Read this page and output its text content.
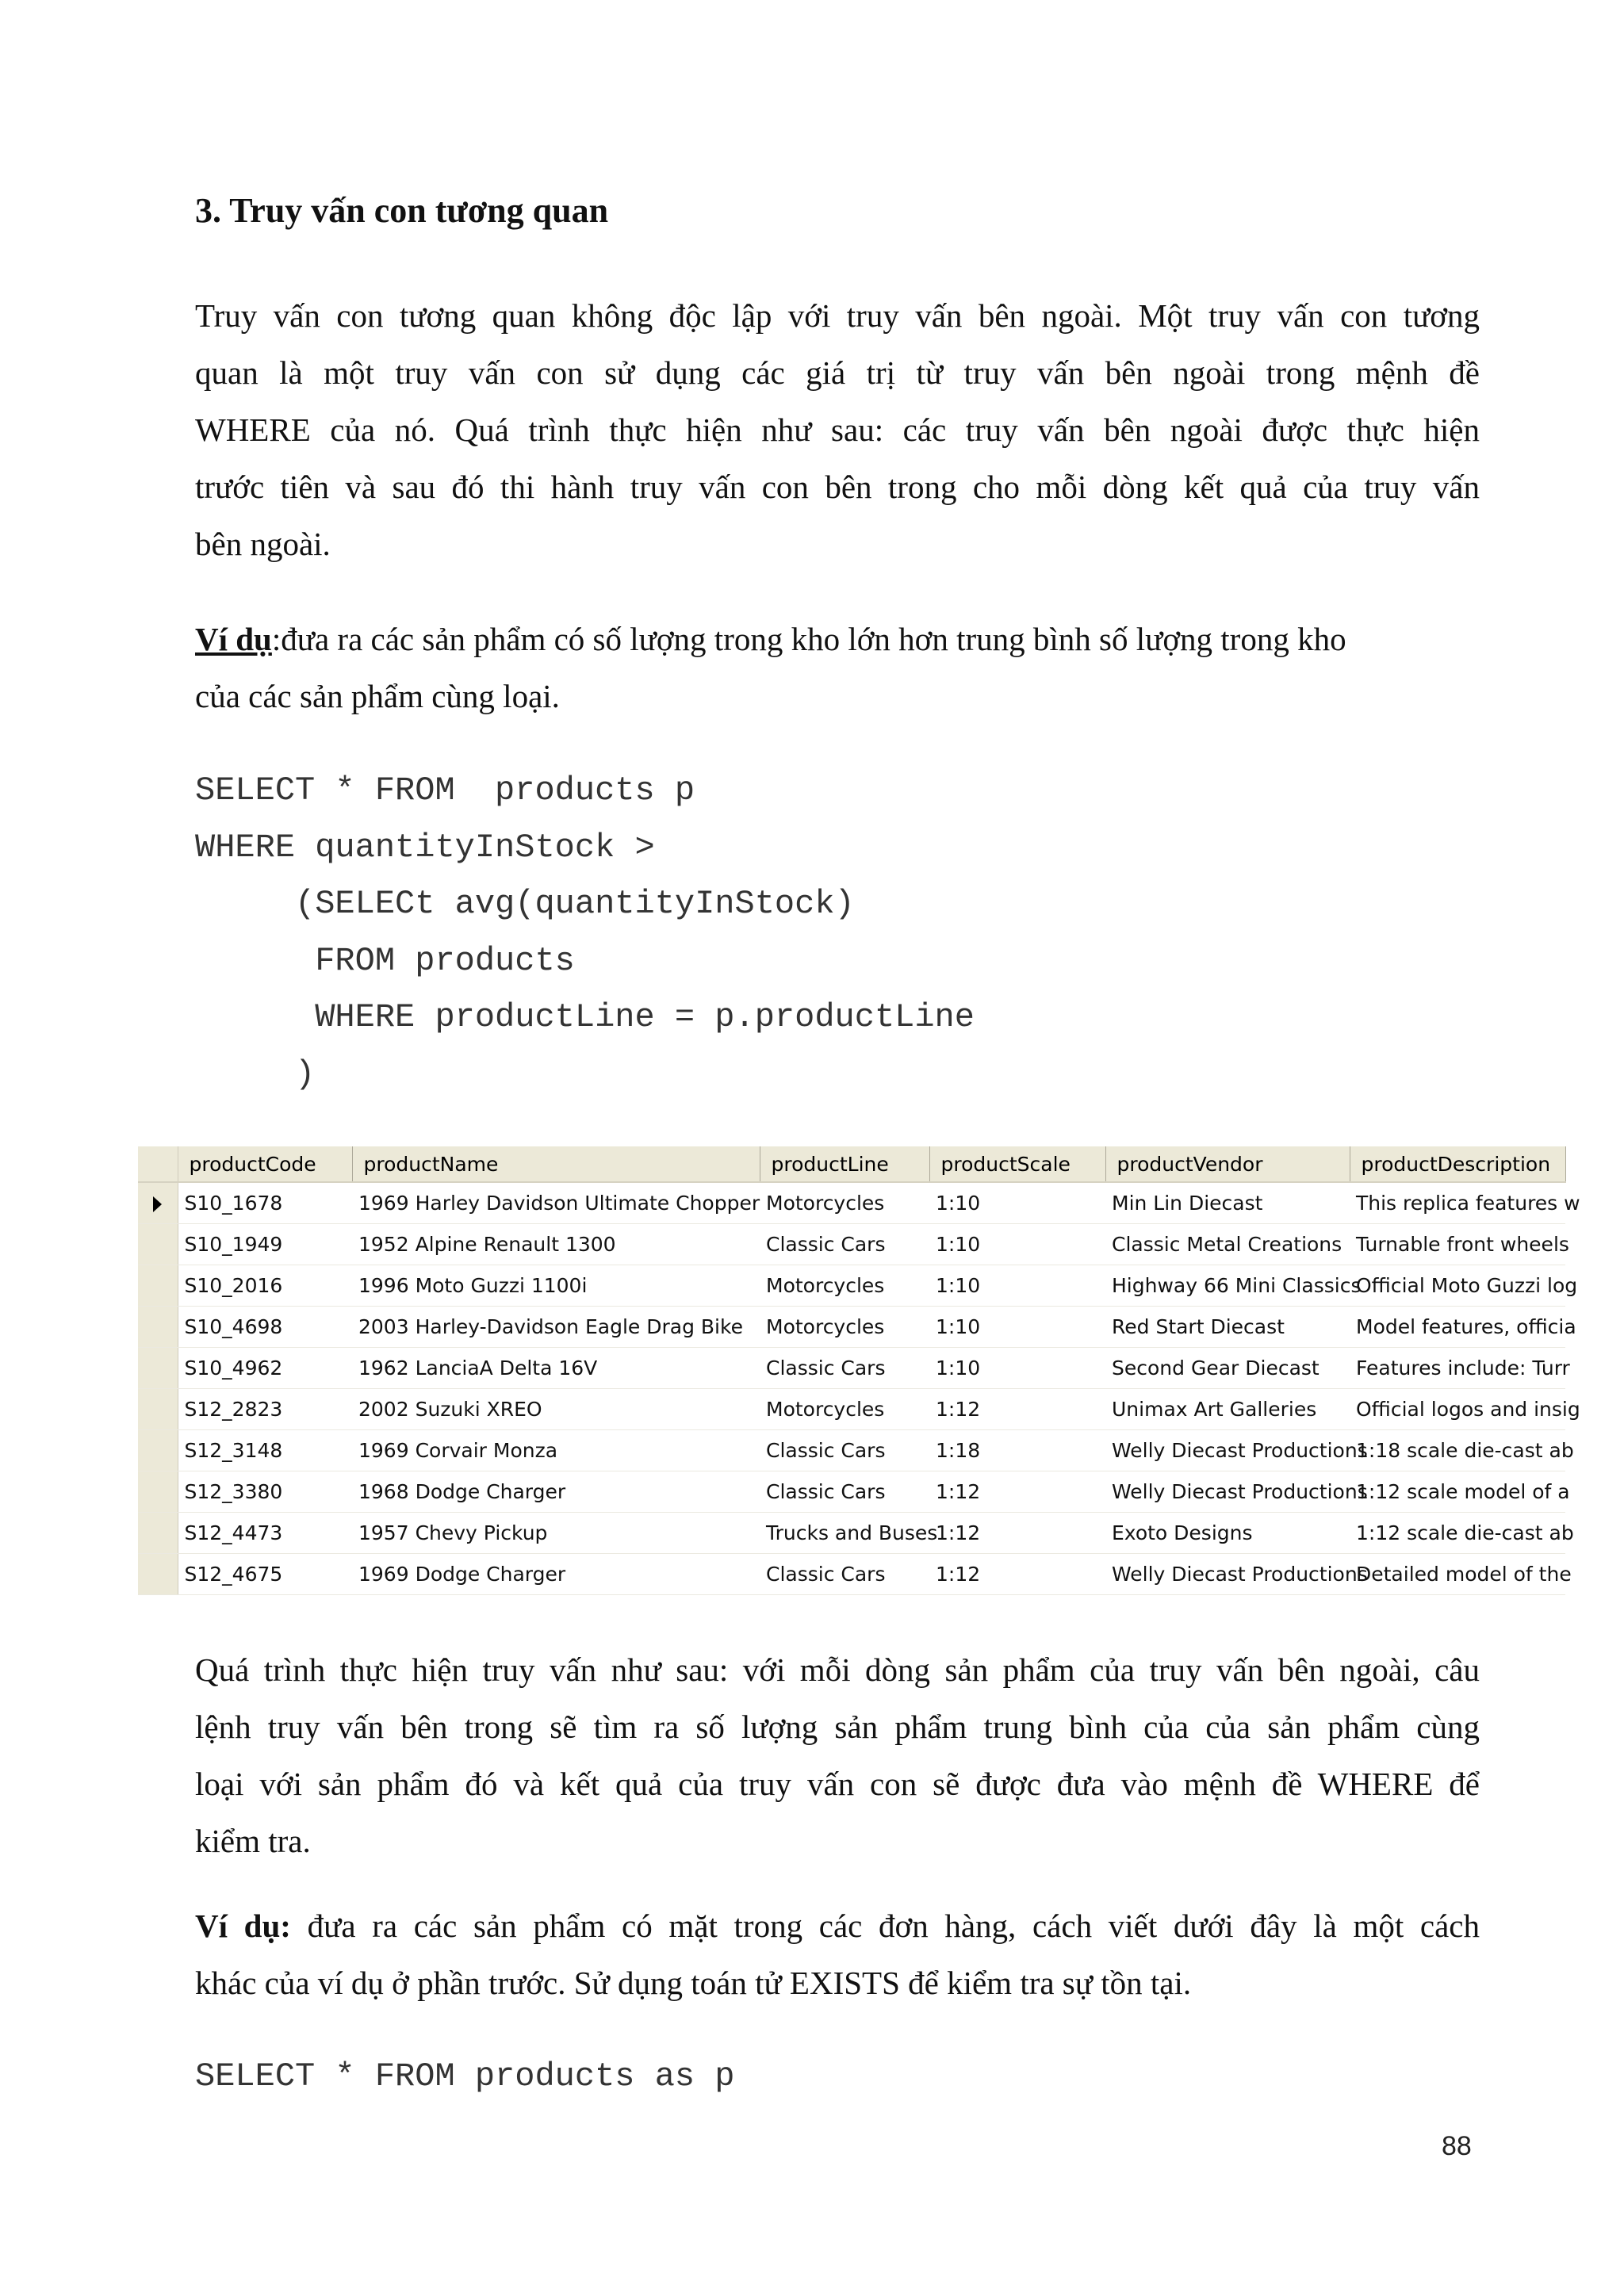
3. Truy vấn con tương quan

Truy vấn con tương quan không độc lập với truy vấn bên ngoài. Một truy vấn con tương
quan là một truy vấn con sử dụng các giá trị từ truy vấn bên ngoài trong mệnh đề
WHERE của nó. Quá trình thực hiện như sau: các truy vấn bên ngoài được thực hiện
trước tiên và sau đó thi hành truy vấn con bên trong cho mỗi dòng kết quả của truy vấn
bên ngoài.

Ví dụ:đưa ra các sản phẩm có số lượng trong kho lớn hơn trung bình số lượng trong kho
của các sản phẩm cùng loại.

SELECT * FROM  products p
WHERE quantityInStock >
(SELECt avg(quantityInStock)
FROM products
WHERE productLine = p.productLine
)
	productCode	productName	productLine	productScale	productVendor	productDescription
	S10_1678	1969 Harley Davidson Ultimate Chopper	Motorcycles	1:10	Min Lin Diecast	This replica features w
	S10_1949	1952 Alpine Renault 1300	Classic Cars	1:10	Classic Metal Creations	Turnable front wheels
	S10_2016	1996 Moto Guzzi 1100i	Motorcycles	1:10	Highway 66 Mini Classics	Official Moto Guzzi log
	S10_4698	2003 Harley-Davidson Eagle Drag Bike	Motorcycles	1:10	Red Start Diecast	Model features, officia
	S10_4962	1962 LanciaA Delta 16V	Classic Cars	1:10	Second Gear Diecast	Features include: Turr
	S12_2823	2002 Suzuki XREO	Motorcycles	1:12	Unimax Art Galleries	Official logos and insig
	S12_3148	1969 Corvair Monza	Classic Cars	1:18	Welly Diecast Productions	1:18 scale die-cast ab
	S12_3380	1968 Dodge Charger	Classic Cars	1:12	Welly Diecast Productions	1:12 scale model of a
	S12_4473	1957 Chevy Pickup	Trucks and Buses	1:12	Exoto Designs	1:12 scale die-cast ab
	S12_4675	1969 Dodge Charger	Classic Cars	1:12	Welly Diecast Productions	Detailed model of the

Quá trình thực hiện truy vấn như sau: với mỗi dòng sản phẩm của truy vấn bên ngoài, câu
lệnh truy vấn bên trong sẽ tìm ra số lượng sản phẩm trung bình của của sản phẩm cùng
loại với sản phẩm đó và kết quả của truy vấn con sẽ được đưa vào mệnh đề WHERE để
kiểm tra.

Ví dụ: đưa ra các sản phẩm có mặt trong các đơn hàng, cách viết dưới đây là một cách
khác của ví dụ ở phần trước. Sử dụng toán tử EXISTS để kiểm tra sự tồn tại.

SELECT * FROM products as p
88
